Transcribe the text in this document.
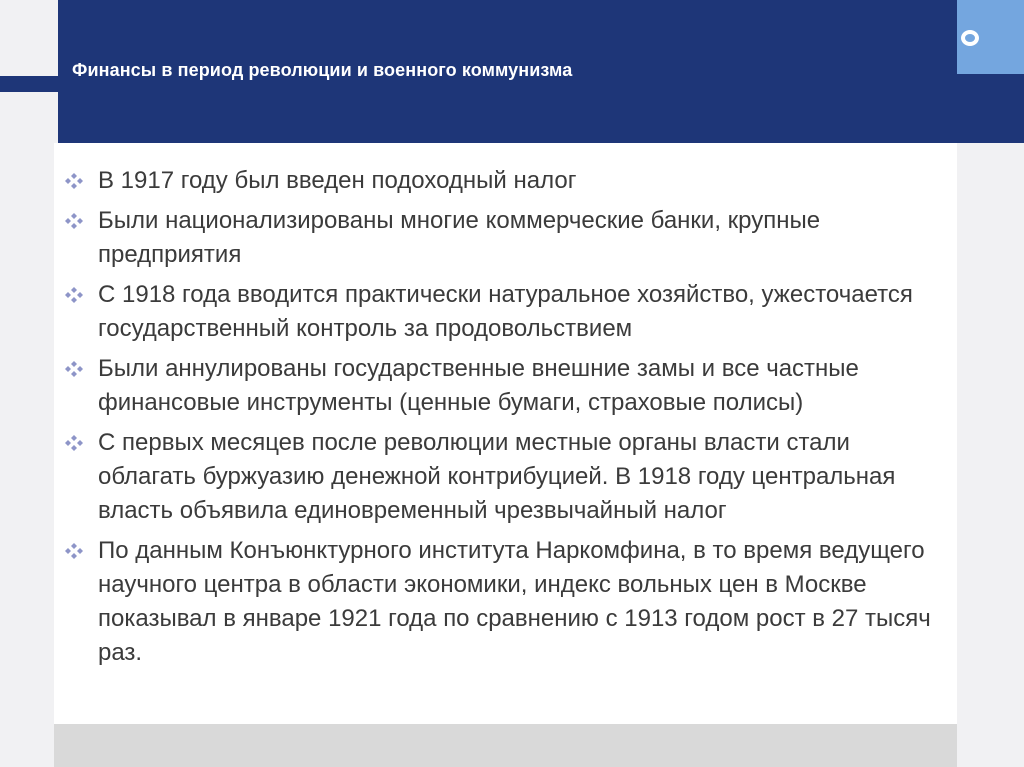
Финансы в период революции и военного коммунизма
В 1917 году был введен подоходный налог
Были национализированы многие коммерческие банки, крупные предприятия
С 1918 года вводится практически натуральное хозяйство, ужесточается государственный контроль за продовольствием
Были аннулированы государственные внешние замы и все частные финансовые инструменты (ценные бумаги, страховые полисы)
С первых месяцев после революции местные органы власти стали облагать буржуазию денежной контрибуцией. В 1918 году центральная власть объявила единовременный чрезвычайный налог
По данным Конъюнктурного института Наркомфина, в то время ведущего научного центра в области экономики, индекс вольных цен в Москве показывал в январе 1921 года по сравнению с 1913 годом рост в 27 тысяч раз.
